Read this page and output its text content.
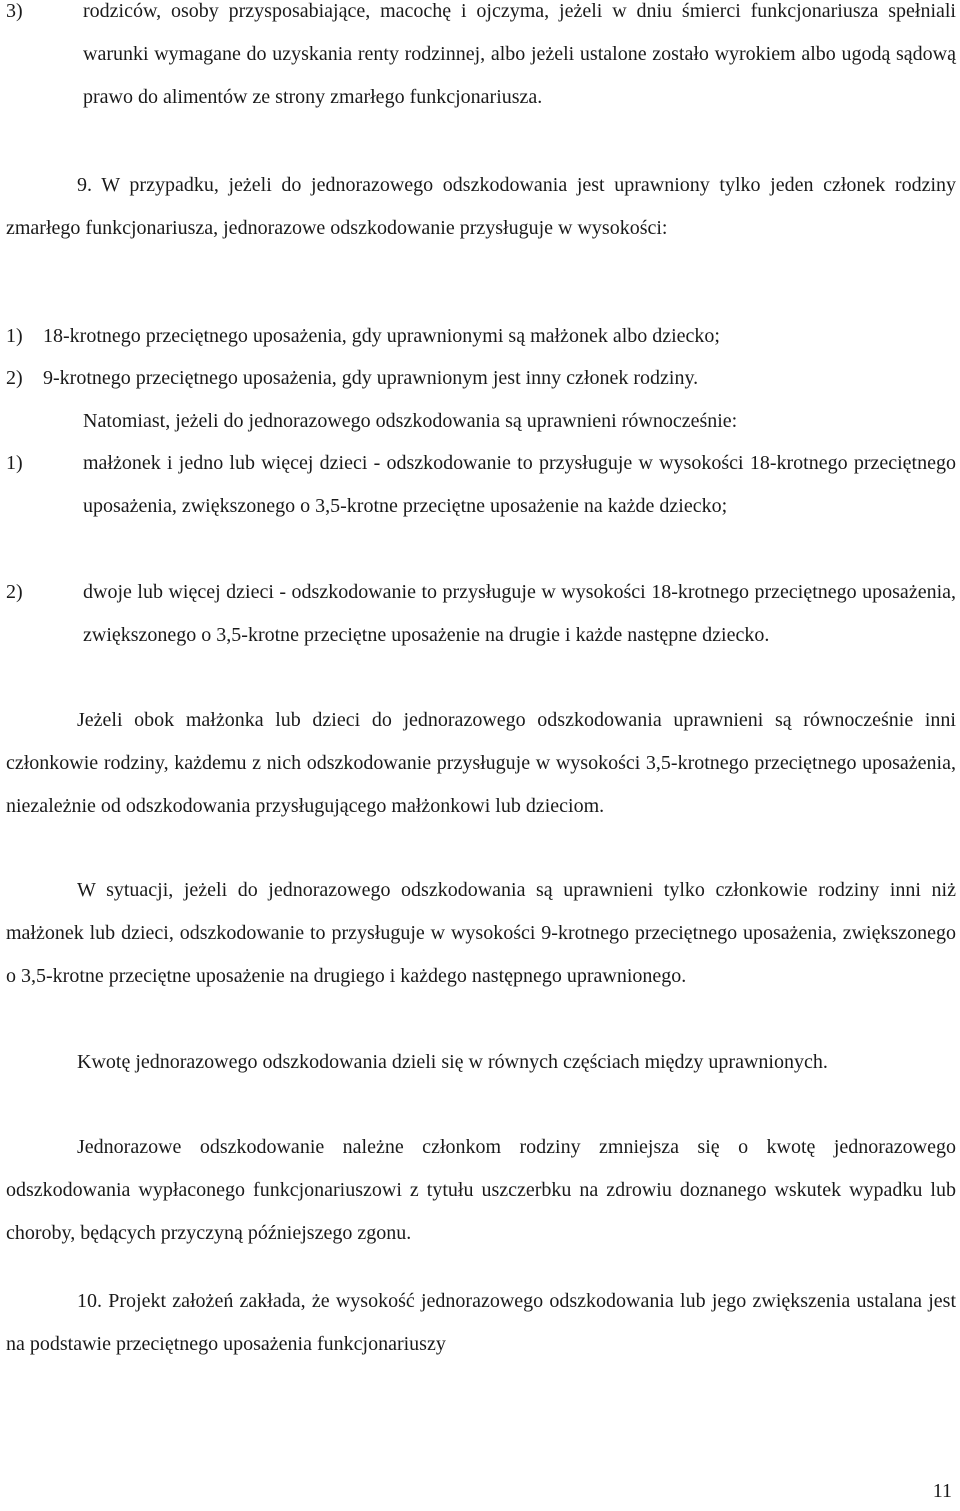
3)	rodziców, osoby przysposabiające, macochę i ojczyma, jeżeli w dniu śmierci funkcjonariusza spełniali warunki wymagane do uzyskania renty rodzinnej, albo jeżeli ustalone zostało wyrokiem albo ugodą sądową prawo do alimentów ze strony zmarłego funkcjonariusza.

9. W przypadku, jeżeli do jednorazowego odszkodowania jest uprawniony tylko jeden członek rodziny zmarłego funkcjonariusza, jednorazowe odszkodowanie przysługuje w wysokości:

1)	18-krotnego przeciętnego uposażenia, gdy uprawnionymi są małżonek albo dziecko;
2)	9-krotnego przeciętnego uposażenia, gdy uprawnionym jest inny członek rodziny.

Natomiast, jeżeli do jednorazowego odszkodowania są uprawnieni równocześnie:

1)	małżonek i jedno lub więcej dzieci - odszkodowanie to przysługuje w wysokości 18-krotnego przeciętnego uposażenia, zwiększonego o 3,5-krotne przeciętne uposażenie na każde dziecko;
2)	dwoje lub więcej dzieci - odszkodowanie to przysługuje w wysokości 18-krotnego przeciętnego uposażenia, zwiększonego o 3,5-krotne przeciętne uposażenie na drugie i każde następne dziecko.

Jeżeli obok małżonka lub dzieci do jednorazowego odszkodowania uprawnieni są równocześnie inni członkowie rodziny, każdemu z nich odszkodowanie przysługuje w wysokości 3,5-krotnego przeciętnego uposażenia, niezależnie od odszkodowania przysługującego małżonkowi lub dzieciom.

W sytuacji, jeżeli do jednorazowego odszkodowania są uprawnieni tylko członkowie rodziny inni niż małżonek lub dzieci, odszkodowanie to przysługuje w wysokości 9-krotnego przeciętnego uposażenia, zwiększonego o 3,5-krotne przeciętne uposażenie na drugiego i każdego następnego uprawnionego.

Kwotę jednorazowego odszkodowania dzieli się w równych częściach między uprawnionych.

Jednorazowe odszkodowanie należne członkom rodziny zmniejsza się o kwotę jednorazowego odszkodowania wypłaconego funkcjonariuszowi z tytułu uszczerbku na zdrowiu doznanego wskutek wypadku lub choroby, będących przyczyną późniejszego zgonu.

10. Projekt założeń zakłada, że wysokość jednorazowego odszkodowania lub jego zwiększenia ustalana jest na podstawie przeciętnego uposażenia funkcjonariuszy

11
